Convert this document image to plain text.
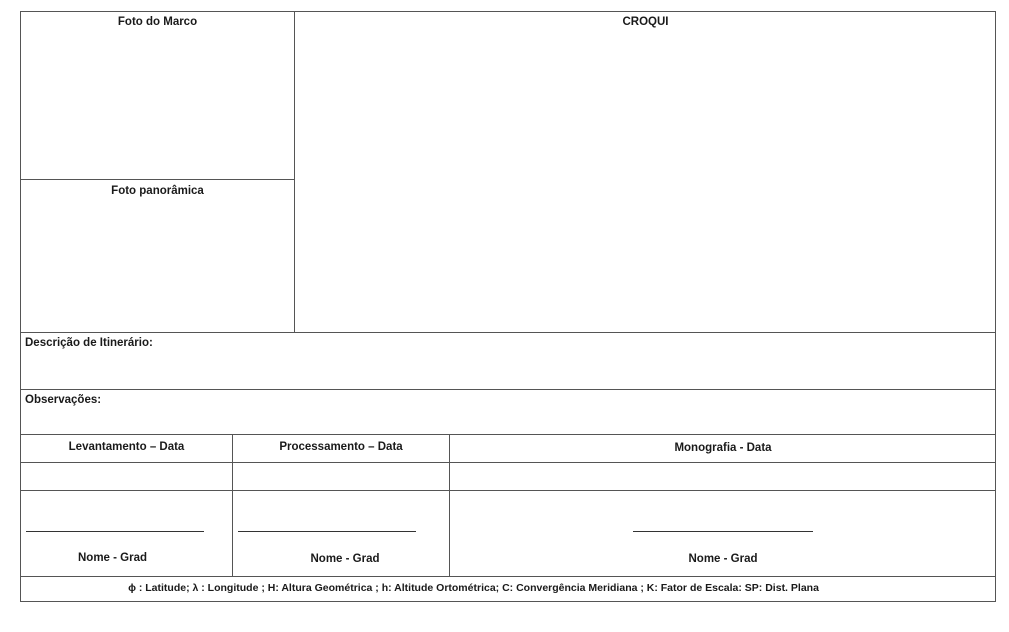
Foto do Marco
Foto panorâmica
CROQUI
Descrição de Itinerário:
Observações:
Levantamento – Data	Processamento – Data	Monografia - Data
Nome - Grad	Nome - Grad	Nome - Grad
ϕ : Latitude; λ : Longitude ; H: Altura Geométrica ; h: Altitude Ortométrica; C: Convergência Meridiana ; K: Fator de Escala: SP: Dist. Plana
